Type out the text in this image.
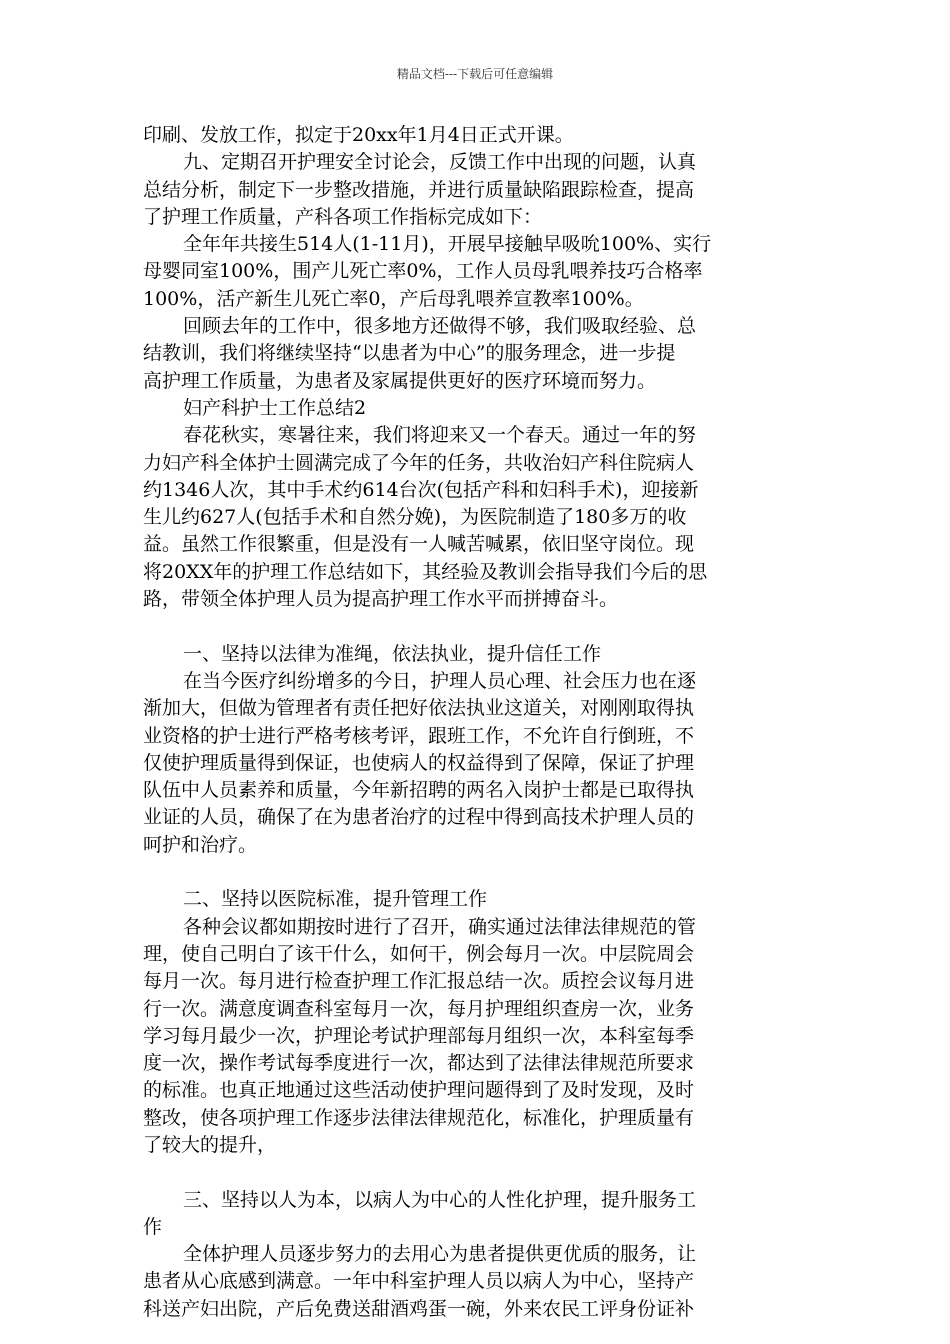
精品文档---下载后可任意编辑
印刷、发放工作，拟定于20xx年1月4日正式开课。
九、定期召开护理安全讨论会，反馈工作中出现的问题，认真
总结分析，制定下一步整改措施，并进行质量缺陷跟踪检查，提高
了护理工作质量，产科各项工作指标完成如下：
全年年共接生514人(1-11月)，开展早接触早吸吮100%、实行
母婴同室100%，围产儿死亡率0%，工作人员母乳喂养技巧合格率
100%，活产新生儿死亡率0，产后母乳喂养宣教率100%。
回顾去年的工作中，很多地方还做得不够，我们吸取经验、总
结教训，我们将继续坚持“以患者为中心”的服务理念，进一步提
高护理工作质量，为患者及家属提供更好的医疗环境而努力。
妇产科护士工作总结2
春花秋实，寒暑往来，我们将迎来又一个春天。通过一年的努
力妇产科全体护士圆满完成了今年的任务，共收治妇产科住院病人
约1346人次，其中手术约614台次(包括产科和妇科手术)，迎接新
生儿约627人(包括手术和自然分娩)，为医院制造了180多万的收
益。虽然工作很繁重，但是没有一人喊苦喊累，依旧坚守岗位。现
将20XX年的护理工作总结如下，其经验及教训会指导我们今后的思
路，带领全体护理人员为提高护理工作水平而拼搏奋斗。
一、坚持以法律为准绳，依法执业，提升信任工作
在当今医疗纠纷增多的今日，护理人员心理、社会压力也在逐
渐加大，但做为管理者有责任把好依法执业这道关，对刚刚取得执
业资格的护士进行严格考核考评，跟班工作，不允许自行倒班，不
仅使护理质量得到保证，也使病人的权益得到了保障，保证了护理
队伍中人员素养和质量，今年新招聘的两名入岗护士都是已取得执
业证的人员，确保了在为患者治疗的过程中得到高技术护理人员的
呵护和治疗。
二、坚持以医院标准，提升管理工作
各种会议都如期按时进行了召开，确实通过法律法律规范的管
理，使自己明白了该干什么，如何干，例会每月一次。中层院周会
每月一次。每月进行检查护理工作汇报总结一次。质控会议每月进
行一次。满意度调查科室每月一次，每月护理组织查房一次，业务
学习每月最少一次，护理论考试护理部每月组织一次，本科室每季
度一次，操作考试每季度进行一次，都达到了法律法律规范所要求
的标准。也真正地通过这些活动使护理问题得到了及时发现，及时
整改，使各项护理工作逐步法律法律规范化，标准化，护理质量有
了较大的提升，
三、坚持以人为本，以病人为中心的人性化护理，提升服务工
作
全体护理人员逐步努力的去用心为患者提供更优质的服务，让
患者从心底感到满意。一年中科室护理人员以病人为中心，坚持产
科送产妇出院，产后免费送甜酒鸡蛋一碗，外来农民工评身份证补
